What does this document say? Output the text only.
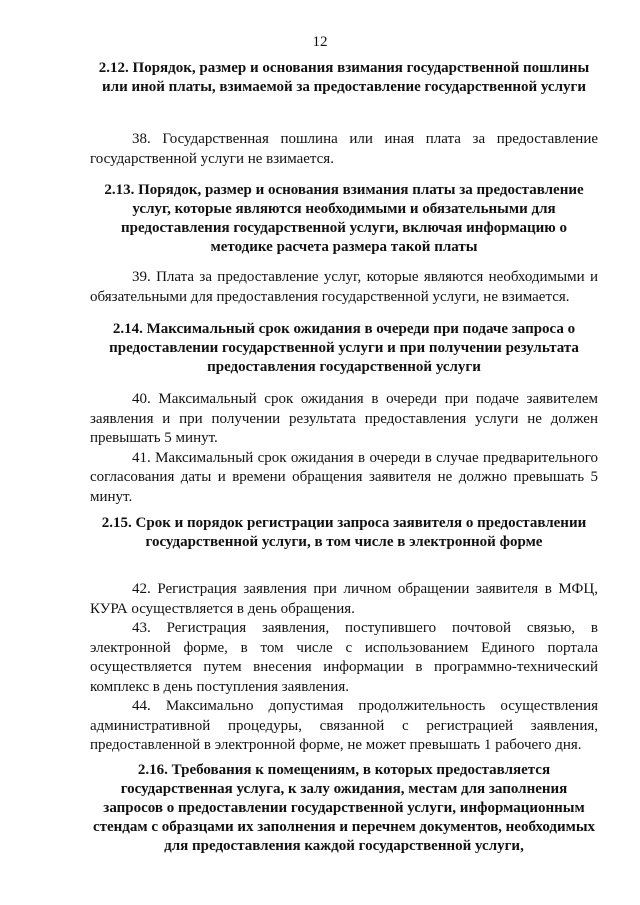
12
2.12. Порядок, размер и основания взимания государственной пошлины или иной платы, взимаемой за предоставление государственной услуги

38. Государственная пошлина или иная плата за предоставление государственной услуги не взимается.

2.13. Порядок, размер и основания взимания платы за предоставление услуг, которые являются необходимыми и обязательными для предоставления государственной услуги, включая информацию о методике расчета размера такой платы

39. Плата за предоставление услуг, которые являются необходимыми и обязательными для предоставления государственной услуги, не взимается.

2.14. Максимальный срок ожидания в очереди при подаче запроса о предоставлении государственной услуги и при получении результата предоставления государственной услуги

40. Максимальный срок ожидания в очереди при подаче заявителем заявления и при получении результата предоставления услуги не должен превышать 5 минут.

41. Максимальный срок ожидания в очереди в случае предварительного согласования даты и времени обращения заявителя не должно превышать 5 минут.

2.15. Срок и порядок регистрации запроса заявителя о предоставлении государственной услуги, в том числе в электронной форме

42. Регистрация заявления при личном обращении заявителя в МФЦ, КУРА осуществляется в день обращения.

43. Регистрация заявления, поступившего почтовой связью, в электронной форме, в том числе с использованием Единого портала осуществляется путем внесения информации в программно-технический комплекс в день поступления заявления.

44. Максимально допустимая продолжительность осуществления административной процедуры, связанной с регистрацией заявления, предоставленной в электронной форме, не может превышать 1 рабочего дня.

2.16. Требования к помещениям, в которых предоставляется государственная услуга, к залу ожидания, местам для заполнения запросов о предоставлении государственной услуги, информационным стендам с образцами их заполнения и перечнем документов, необходимых для предоставления каждой государственной услуги,
